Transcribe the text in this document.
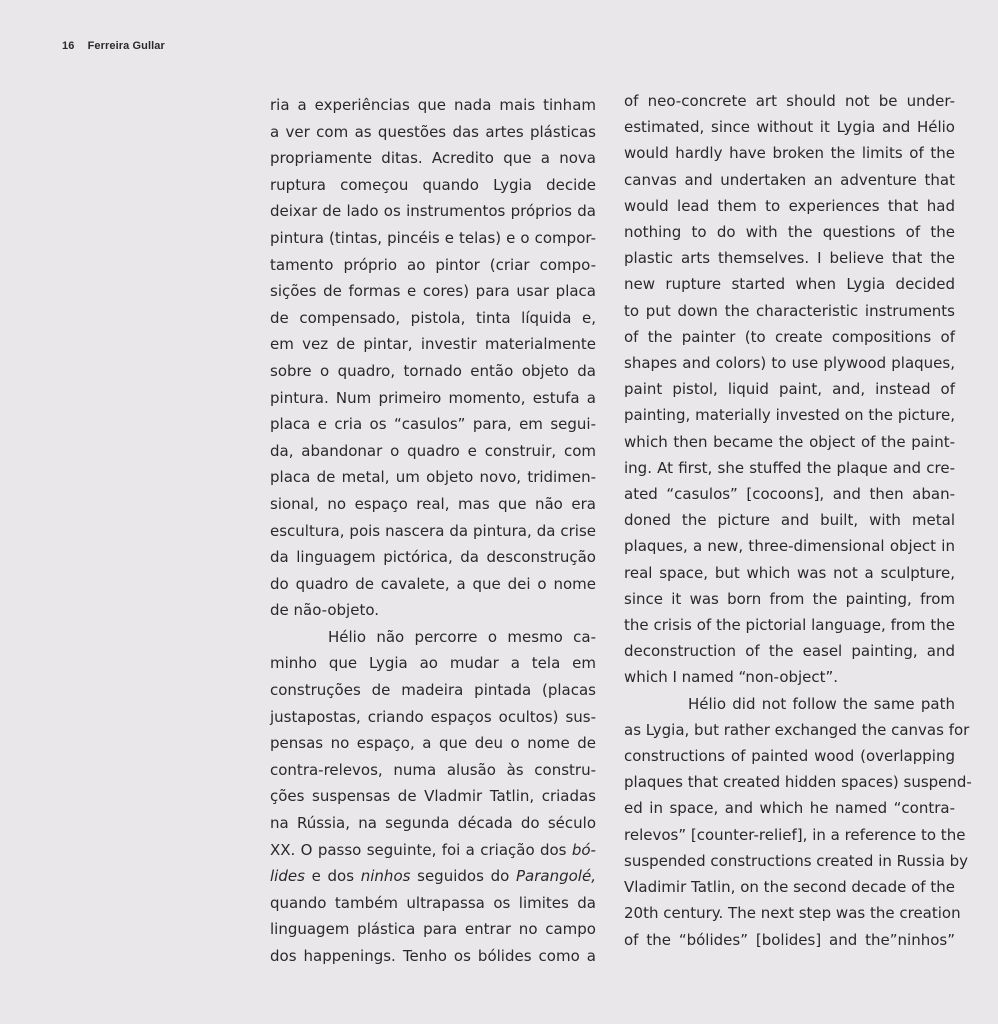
16 Ferreira Gullar
ria a experiências que nada mais tinham
a ver com as questões das artes plásticas
propriamente ditas. Acredito que a nova
ruptura começou quando Lygia decide
deixar de lado os instrumentos próprios da
pintura (tintas, pincéis e telas) e o compor-
tamento próprio ao pintor (criar compo-
sições de formas e cores) para usar placa
de compensado, pistola, tinta líquida e,
em vez de pintar, investir materialmente
sobre o quadro, tornado então objeto da
pintura. Num primeiro momento, estufa a
placa e cria os “casulos” para, em segui-
da, abandonar o quadro e construir, com
placa de metal, um objeto novo, tridimen-
sional, no espaço real, mas que não era
escultura, pois nascera da pintura, da crise
da linguagem pictórica, da desconstrução
do quadro de cavalete, a que dei o nome
de não-objeto.
Hélio não percorre o mesmo ca-
minho que Lygia ao mudar a tela em
construções de madeira pintada (placas
justapostas, criando espaços ocultos) sus-
pensas no espaço, a que deu o nome de
contra-relevos, numa alusão às constru-
ções suspensas de Vladmir Tatlin, criadas
na Rússia, na segunda década do século
XX. O passo seguinte, foi a criação dos bó-
lides e dos ninhos seguidos do Parangolé,
quando também ultrapassa os limites da
linguagem plástica para entrar no campo
dos happenings. Tenho os bólides como a
of neo-concrete art should not be under-
estimated, since without it Lygia and Hélio
would hardly have broken the limits of the
canvas and undertaken an adventure that
would lead them to experiences that had
nothing to do with the questions of the
plastic arts themselves. I believe that the
new rupture started when Lygia decided
to put down the characteristic instruments
of the painter (to create compositions of
shapes and colors) to use plywood plaques,
paint pistol, liquid paint, and, instead of
painting, materially invested on the picture,
which then became the object of the paint-
ing. At first, she stuffed the plaque and cre-
ated “casulos” [cocoons], and then aban-
doned the picture and built, with metal
plaques, a new, three-dimensional object in
real space, but which was not a sculpture,
since it was born from the painting, from
the crisis of the pictorial language, from the
deconstruction of the easel painting, and
which I named “non-object”.
Hélio did not follow the same path
as Lygia, but rather exchanged the canvas for
constructions of painted wood (overlapping
plaques that created hidden spaces) suspend-
ed in space, and which he named “contra-
relevos” [counter-relief], in a reference to the
suspended constructions created in Russia by
Vladimir Tatlin, on the second decade of the
20th century. The next step was the creation
of the “bólides” [bolides] and the”ninhos”
